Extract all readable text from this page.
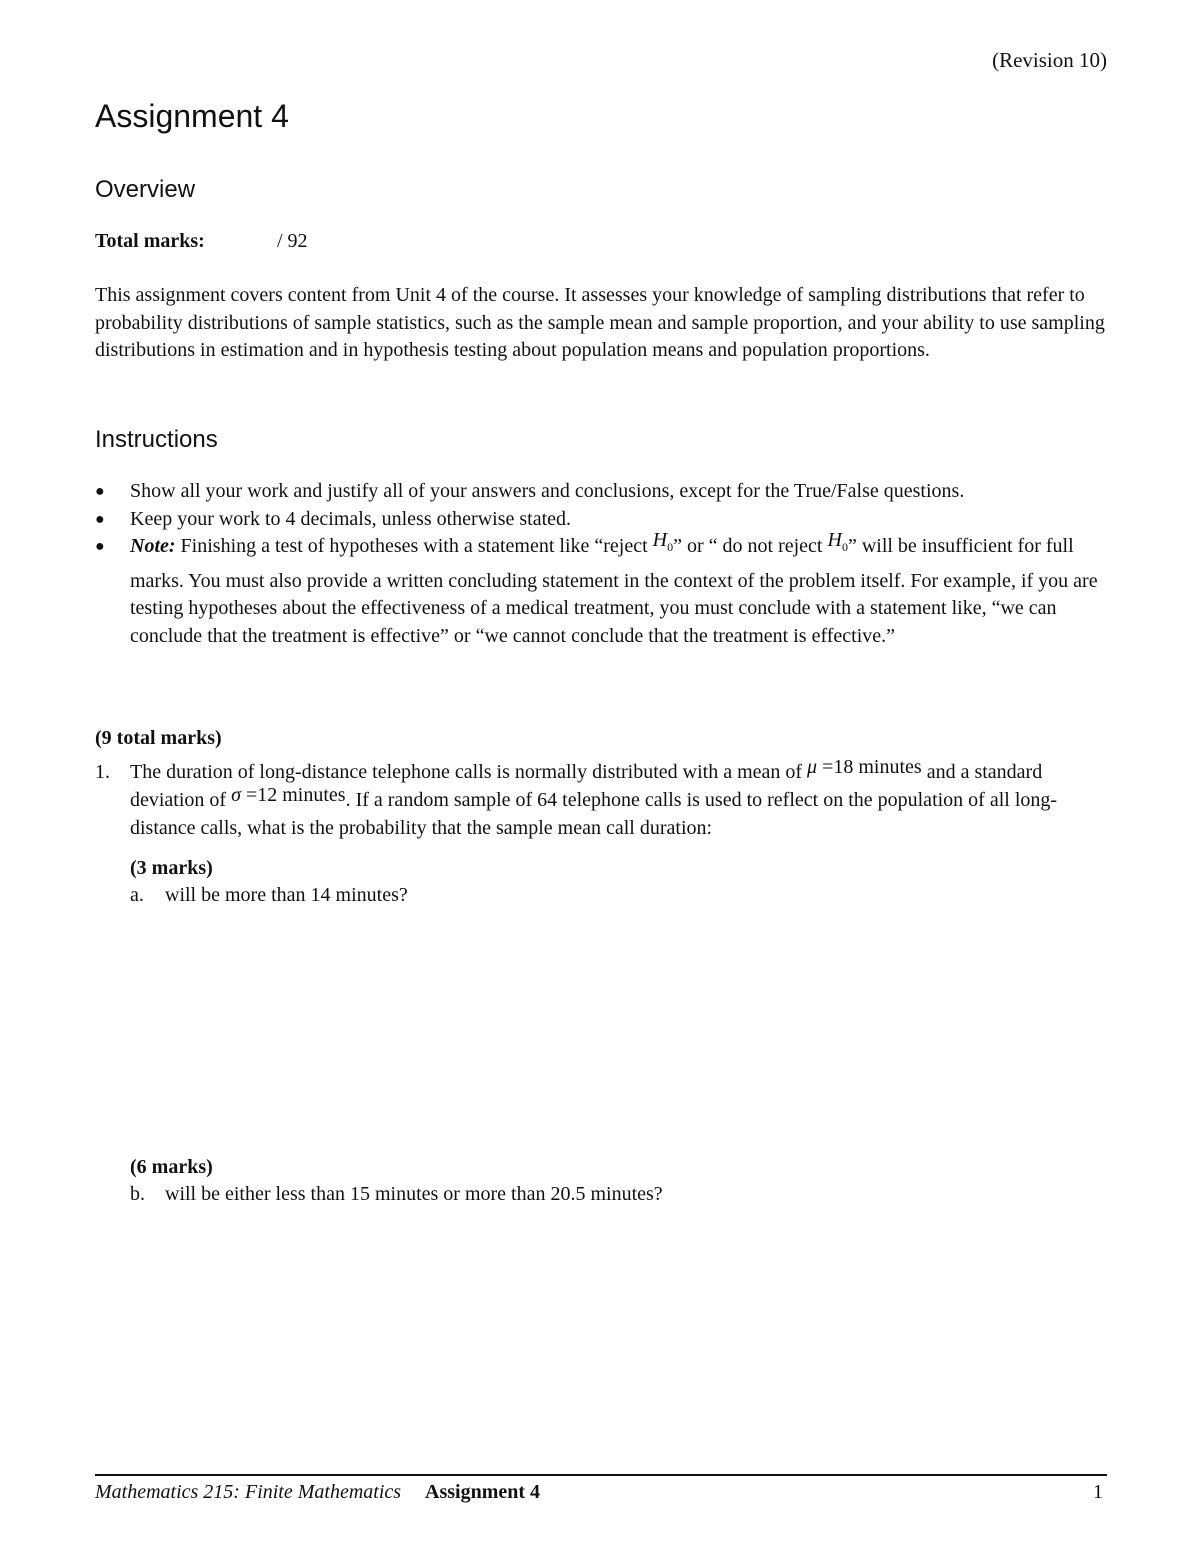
(Revision 10)
Assignment 4
Overview
Total marks:	/ 92
This assignment covers content from Unit 4 of the course. It assesses your knowledge of sampling distributions that refer to probability distributions of sample statistics, such as the sample mean and sample proportion, and your ability to use sampling distributions in estimation and in hypothesis testing about population means and population proportions.
Instructions
● Show all your work and justify all of your answers and conclusions, except for the True/False questions.
● Keep your work to 4 decimals, unless otherwise stated.
● Note: Finishing a test of hypotheses with a statement like “reject $H_0$” or “ do not reject $H_0$” will be insufficient for full marks. You must also provide a written concluding statement in the context of the problem itself. For example, if you are testing hypotheses about the effectiveness of a medical treatment, you must conclude with a statement like, “we can conclude that the treatment is effective” or “we cannot conclude that the treatment is effective.”
(9 total marks)
1. The duration of long-distance telephone calls is normally distributed with a mean of μ =18 minutes and a standard deviation of σ =12 minutes. If a random sample of 64 telephone calls is used to reflect on the population of all long-distance calls, what is the probability that the sample mean call duration:
(3 marks)
a. will be more than 14 minutes?
(6 marks)
b. will be either less than 15 minutes or more than 20.5 minutes?
Mathematics 215: Finite Mathematics Assignment 4	1
